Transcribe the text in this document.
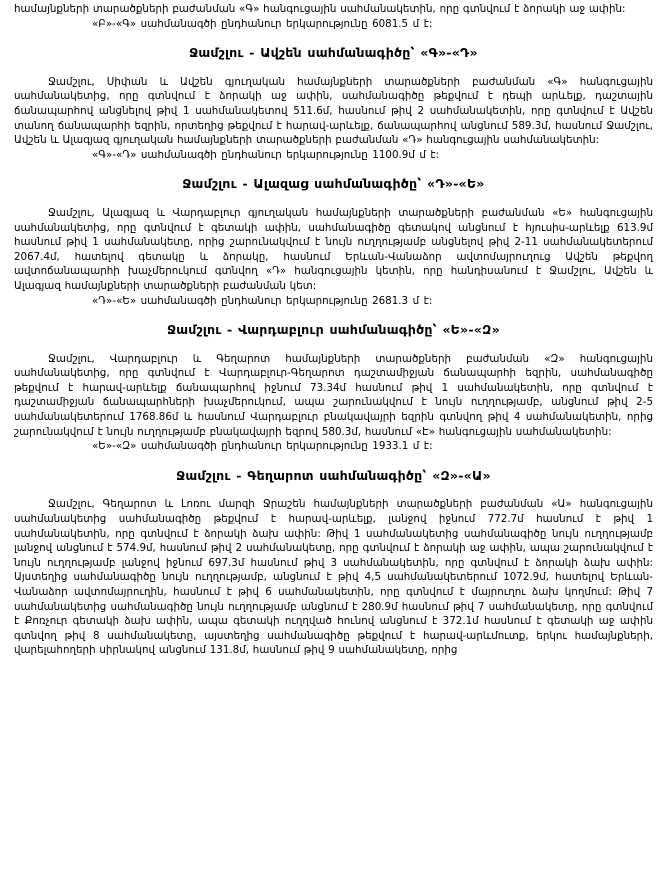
համայնքների տարածքների բաժանման «Գ» հանգուցային սահմանակետին, որը գտնվում է ձորակի աջ ափին:

«Բ»-«Գ» սահմանագծի ընդհանուր երկարությունը 6081.5 մ է:

Ջամշլու - Ավշեն սահմանագիծը՝ «Գ»-«Դ»

Ջամշլու, Սիփան և Ավշեն գյուղական համայնքների տարածքների բաժանման «Գ» հանգուցային սահմանակետից, որը գտնվում է ձորակի աջ ափին, սահմանագիծը թեքվում է դեպի արևելք, դաշտային ճանապարհով անցնելով թիվ 1 սահմանակետով 511.6մ, հասնում թիվ 2 սահմանակետին, որը գտնվում է Ավշեն տանող ճանապարհի եզրին, որտեղից թեքվում է հարավ-արևելք, ճանապարհով անցնում 589.3մ, հասնում Ջամշլու, Ավշեն և Ալագյազ գյուղական համայնքների տարածքների բաժանման «Դ» հանգուցային սահմանակետին:

«Գ»-«Դ» սահմանագծի ընդհանուր երկարությունը 1100.9մ մ է:

Ջամշլու - Ալազաց սահմանագիծը՝ «Դ»-«Ե»

Ջամշլու, Ալագյազ և Վարդաբլուր գյուղական համայնքների տարածքների բաժանման «Ե» հանգուցային սահմանակետից, որը գտնվում է գետակի ափին, սահմանագիծը գետակով անցնում է հյուսիս-արևելք 613.9մ հասնում թիվ 1 սահմանակետը, որից շարունակվում է նույն ուղղությամբ անցնելով թիվ 2-11 սահմանակետերում 2067.4մ, հատելով գետակը և ձորակը, հասնում Երևան-Վանաձոր ավտոմայրուղուց Ավշեն թեքվող ավտոճանապարհի խաչմերուկում գտնվող «Դ» հանգուցային կետին, որը հանդիսանում է Ջամշլու, Ավշեն և Ալագյազ համայնքների տարածքների բաժանման կետ:

«Դ»-«Ե» սահմանագծի ընդհանուր երկարությունը 2681.3 մ է:

Ջամշլու - Վարդաբլուր սահմանագիծը՝ «Ե»-«Զ»

Ջամշլու, Վարդաբլուր և Գեղարոտ համայնքների տարածքների բաժանման «Զ» հանգուցային սահմանակետից, որը գտնվում է Վարդաբլուր-Գեղարոտ դաշտամիջյան ճանապարհի եզրին, սահմանագիծը թեքվում է հարավ-արևելք ճանապարհով իջնում 73.34մ հասնում թիվ 1 սահմանակետին, որը գտնվում է դաշտամիջյան ճանապարհների խաչմերուկում, ապա շարունակվում է նույն ուղղությամբ, անցնում թիվ 2-5 սահմանակետերում 1768.86մ և հասնում Վարդաբլուր բնակավայրի եզրին գտնվող թիվ 4 սահմանակետին, որից շարունակվում է նույն ուղղությամբ բնակավայրի եզրով 580.3մ, հասնում «Է» հանգուցային սահմանակետին:

«Ե»-«Զ» սահմանագծի ընդհանուր երկարությունը 1933.1 մ է:

Ջամշլու - Գեղարոտ սահմանագիծը՝ «Զ»-«Ա»

Ջամշլու, Գեղարոտ և Լոռու մարզի Ջրաշեն համայնքների տարածքների բաժանման «Ա» հանգուցային սահմանակետից սահմանագիծը թեքվում է հարավ-արևելք, լանջով իջնում 772.7մ հասնում է թիվ 1 սահմանակետին, որը գտնվում է ձորակի ձախ ափին: Թիվ 1 սահմանակետից սահմանագիծը նույն ուղղությամբ լանջով անցնում է 574.9մ, հասնում թիվ 2 սահմանակետը, որը գտնվում է ձորակի աջ ափին, ապա շարունակվում է նույն ուղղությամբ լանջով իջնում 697.3մ հասնում թիվ 3 սահմանակետին, որը գտնվում է ձորակի ձախ ափին: Այստեղից սահմանագիծը նույն ուղղությամբ, անցնում է թիվ 4,5 սահմանակետերում 1072.9մ, հատելով Երևան-Վանաձոր ավտոմայրուղին, հասնում է թիվ 6 սահմանակետին, որը գտնվում է մայրուղու ձախ կողմում: Թիվ 7 սահմանակետից սահմանագիծը նույն ուղղությամբ անցնում է 280.9մ հասնում թիվ 7 սահմանակետը, որը գտնվում է Քոռչուր գետակի ձախ ափին, ապա գետակի ուղղված հունով անցնում է 372.1մ հասնում է գետակի աջ ափին գտնվող թիվ 8 սահմանակետը, այստեղից սահմանագիծը թեքվում է հարավ-արևմուտք, երկու համայնքների, վարելահողերի սիրնակով անցնում 131.8մ, հասնում թիվ 9 սահմանակետը, որից
